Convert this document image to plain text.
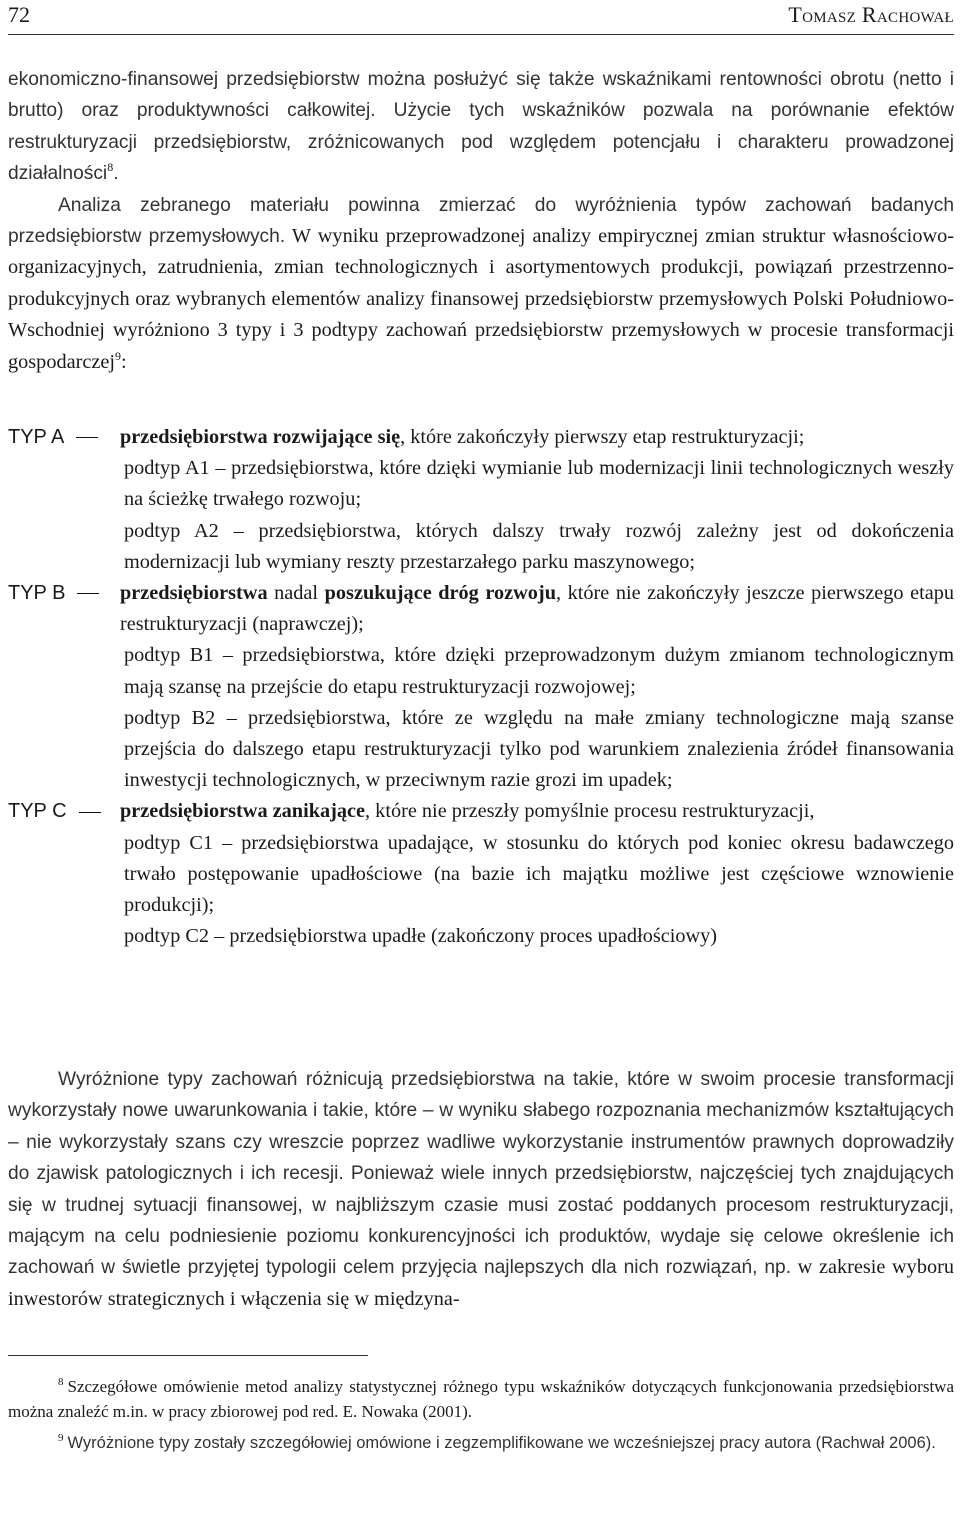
72	Tomasz Rachował

ekonomiczno-finansowej przedsiębiorstw można posłużyć się także wskaźnikami rentowności obrotu (netto i brutto) oraz produktywności całkowitej. Użycie tych wskaźników pozwala na porównanie efektów restrukturyzacji przedsiębiorstw, zróżnicowanych pod względem potencjału i charakteru prowadzonej działalności$^8$.

Analiza zebranego materiału powinna zmierzać do wyróżnienia typów zachowań badanych przedsiębiorstw przemysłowych. W wyniku przeprowadzonej analizy empirycznej zmian struktur własnościowo-organizacyjnych, zatrudnienia, zmian technologicznych i asortymentowych produkcji, powiązań przestrzenno-produkcyjnych oraz wybranych elementów analizy finansowej przedsiębiorstw przemysłowych Polski Południowo-Wschodniej wyróżniono 3 typy i 3 podtypy zachowań przedsiębiorstw przemysłowych w procesie transformacji gospodarczej$^9$:

TYP A	przedsiębiorstwa rozwijające się, które zakończyły pierwszy etap restrukturyzacji;
podtyp A1 – przedsiębiorstwa, które dzięki wymianie lub modernizacji linii technologicznych weszły na ścieżkę trwałego rozwoju;
podtyp A2 – przedsiębiorstwa, których dalszy trwały rozwój zależny jest od dokończenia modernizacji lub wymiany reszty przestarzałego parku maszynowego;
TYP B	przedsiębiorstwa nadal poszukujące dróg rozwoju, które nie zakończyły jeszcze pierwszego etapu restrukturyzacji (naprawczej);
podtyp B1 – przedsiębiorstwa, które dzięki przeprowadzonym dużym zmianom technologicznym mają szansę na przejście do etapu restrukturyzacji rozwojowej;
podtyp B2 – przedsiębiorstwa, które ze względu na małe zmiany technologiczne mają szanse przejścia do dalszego etapu restrukturyzacji tylko pod warunkiem znalezienia źródeł finansowania inwestycji technologicznych, w przeciwnym razie grozi im upadek;
TYP C	przedsiębiorstwa zanikające, które nie przeszły pomyślnie procesu restrukturyzacji,
podtyp C1 – przedsiębiorstwa upadające, w stosunku do których pod koniec okresu badawczego trwało postępowanie upadłościowe (na bazie ich majątku możliwe jest częściowe wznowienie produkcji);
podtyp C2 – przedsiębiorstwa upadłe (zakończony proces upadłościowy)

Wyróżnione typy zachowań różnicują przedsiębiorstwa na takie, które w swoim procesie transformacji wykorzystały nowe uwarunkowania i takie, które – w wyniku słabego rozpoznania mechanizmów kształtujących – nie wykorzystały szans czy wreszcie poprzez wadliwe wykorzystanie instrumentów prawnych doprowadziły do zjawisk patologicznych i ich recesji. Ponieważ wiele innych przedsiębiorstw, najczęściej tych znajdujących się w trudnej sytuacji finansowej, w najbliższym czasie musi zostać poddanych procesom restrukturyzacji, mającym na celu podniesienie poziomu konkurencyjności ich produktów, wydaje się celowe określenie ich zachowań w świetle przyjętej typologii celem przyjęcia najlepszych dla nich rozwiązań, np. w zakresie wyboru inwestorów strategicznych i włączenia się w międzyna-

$^8$ Szczegółowe omówienie metod analizy statystycznej różnego typu wskaźników dotyczących funkcjonowania przedsiębiorstwa można znaleźć m.in. w pracy zbiorowej pod red. E. Nowaka (2001).

$^9$ Wyróżnione typy zostały szczegółowiej omówione i zegzemplifikowane we wcześniejszej pracy autora (Rachwał 2006).
